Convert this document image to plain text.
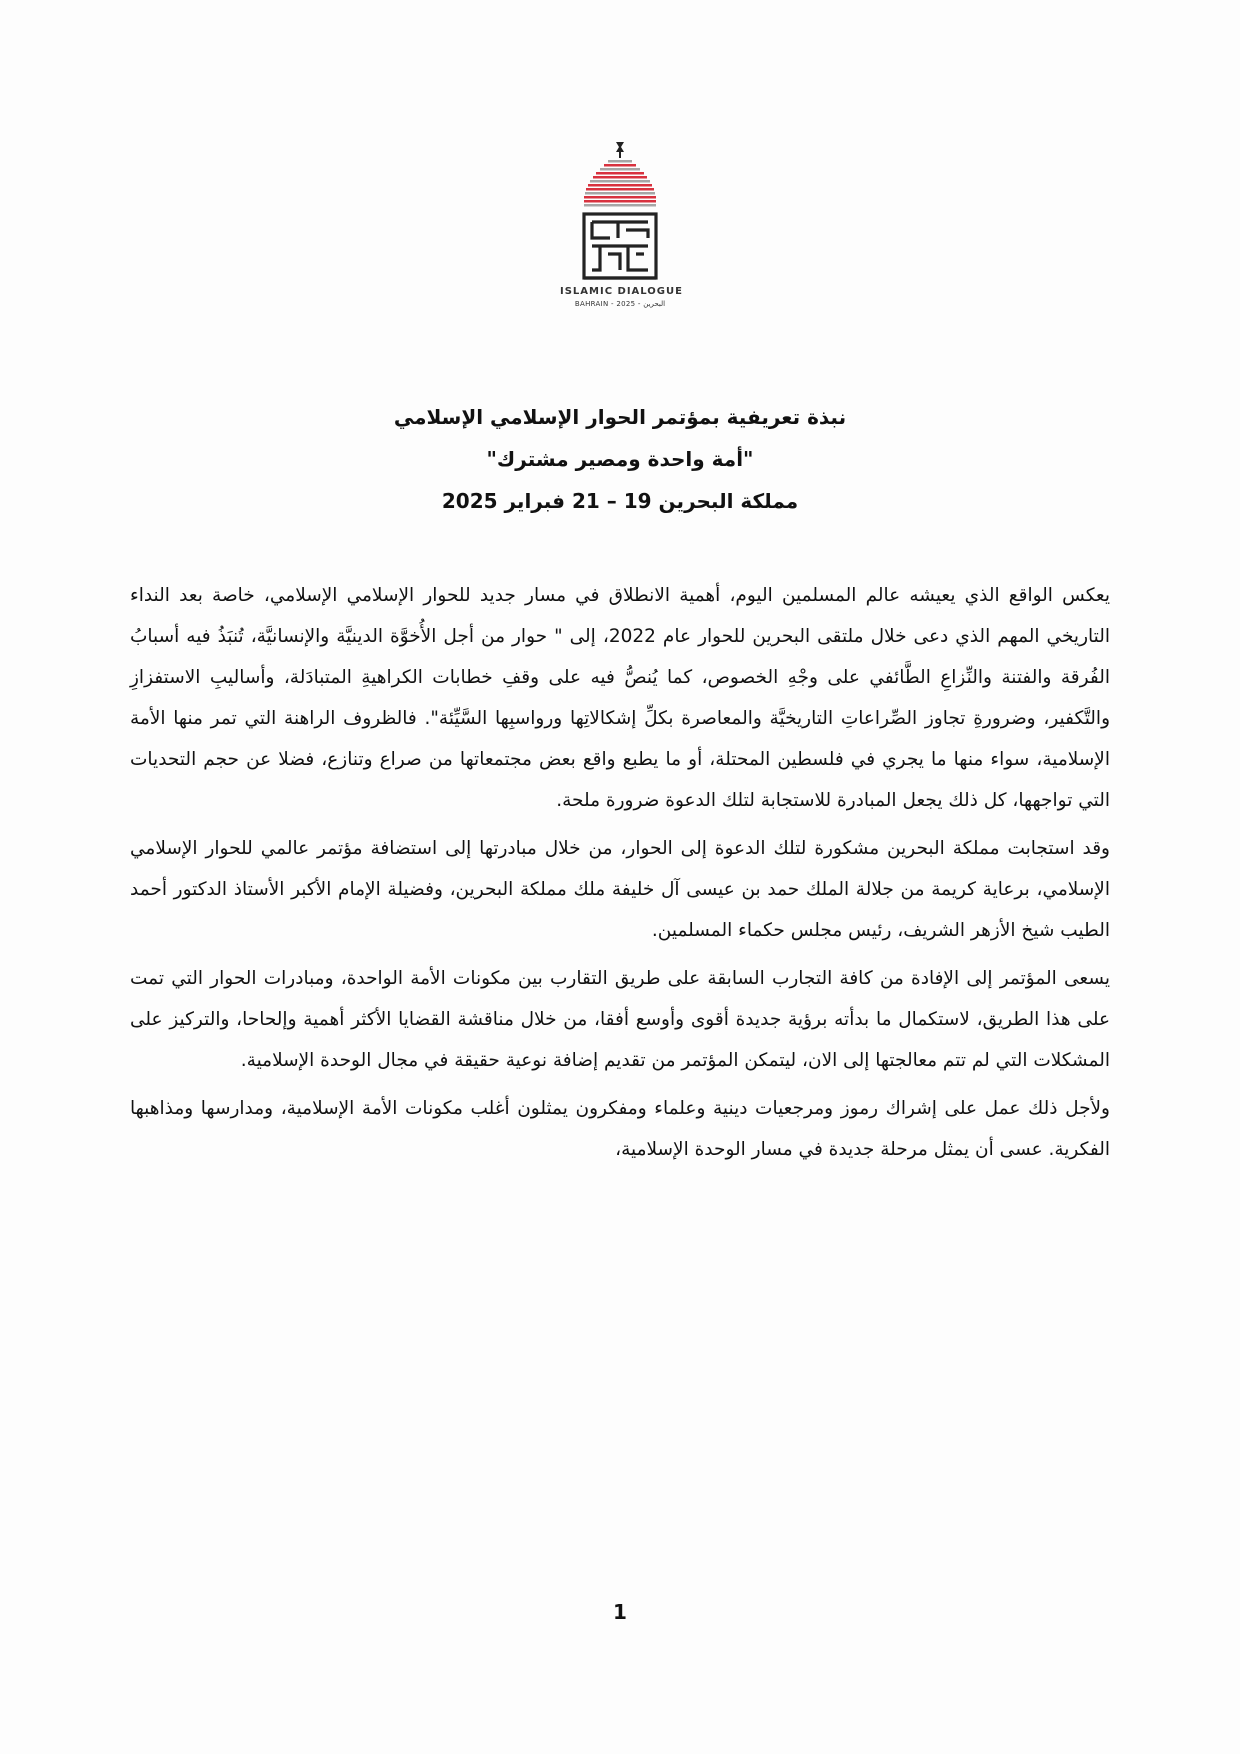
ISLAMIC DIALOGUE
BAHRAIN - 2025 - البحرين
نبذة تعريفية بمؤتمر الحوار الإسلامي الإسلامي
"أمة واحدة ومصير مشترك"
مملكة البحرين 19 – 21 فبراير 2025

يعكس الواقع الذي يعيشه عالم المسلمين اليوم، أهمية الانطلاق في مسار جديد للحوار الإسلامي الإسلامي، خاصة بعد النداء التاريخي المهم الذي دعى خلال ملتقى البحرين للحوار عام 2022، إلى " حوار من أجل الأُخوَّة الدينيَّة والإنسانيَّة، تُنبَذُ فيه أسبابُ الفُرقة والفتنة والنِّزاعِ الطَّائفي على وجْهِ الخصوص، كما يُنصُّ فيه على وقفِ خطابات الكراهيةِ المتبادَلة، وأساليبِ الاستفزازِ والتَّكفير، وضرورةِ تجاوز الصِّراعاتِ التاريخيَّة والمعاصرة بكلِّ إشكالاتِها ورواسبِها السَّيِّئة". فالظروف الراهنة التي تمر منها الأمة الإسلامية، سواء منها ما يجري في فلسطين المحتلة، أو ما يطبع واقع بعض مجتمعاتها من صراع وتنازع، فضلا عن حجم التحديات التي تواجهها، كل ذلك يجعل المبادرة للاستجابة لتلك الدعوة ضرورة ملحة.

وقد استجابت مملكة البحرين مشكورة لتلك الدعوة إلى الحوار، من خلال مبادرتها إلى استضافة مؤتمر عالمي للحوار الإسلامي الإسلامي، برعاية كريمة من جلالة الملك حمد بن عيسى آل خليفة ملك مملكة البحرين، وفضيلة الإمام الأكبر الأستاذ الدكتور أحمد الطيب شيخ الأزهر الشريف، رئيس مجلس حكماء المسلمين.

يسعى المؤتمر إلى الإفادة من كافة التجارب السابقة على طريق التقارب بين مكونات الأمة الواحدة، ومبادرات الحوار التي تمت على هذا الطريق، لاستكمال ما بدأته برؤية جديدة أقوى وأوسع أفقا، من خلال مناقشة القضايا الأكثر أهمية وإلحاحا، والتركيز على المشكلات التي لم تتم معالجتها إلى الان، ليتمكن المؤتمر من تقديم إضافة نوعية حقيقة في مجال الوحدة الإسلامية.

ولأجل ذلك عمل على إشراك رموز ومرجعيات دينية وعلماء ومفكرون يمثلون أغلب مكونات الأمة الإسلامية، ومدارسها ومذاهبها الفكرية. عسى أن يمثل مرحلة جديدة في مسار الوحدة الإسلامية،

1
